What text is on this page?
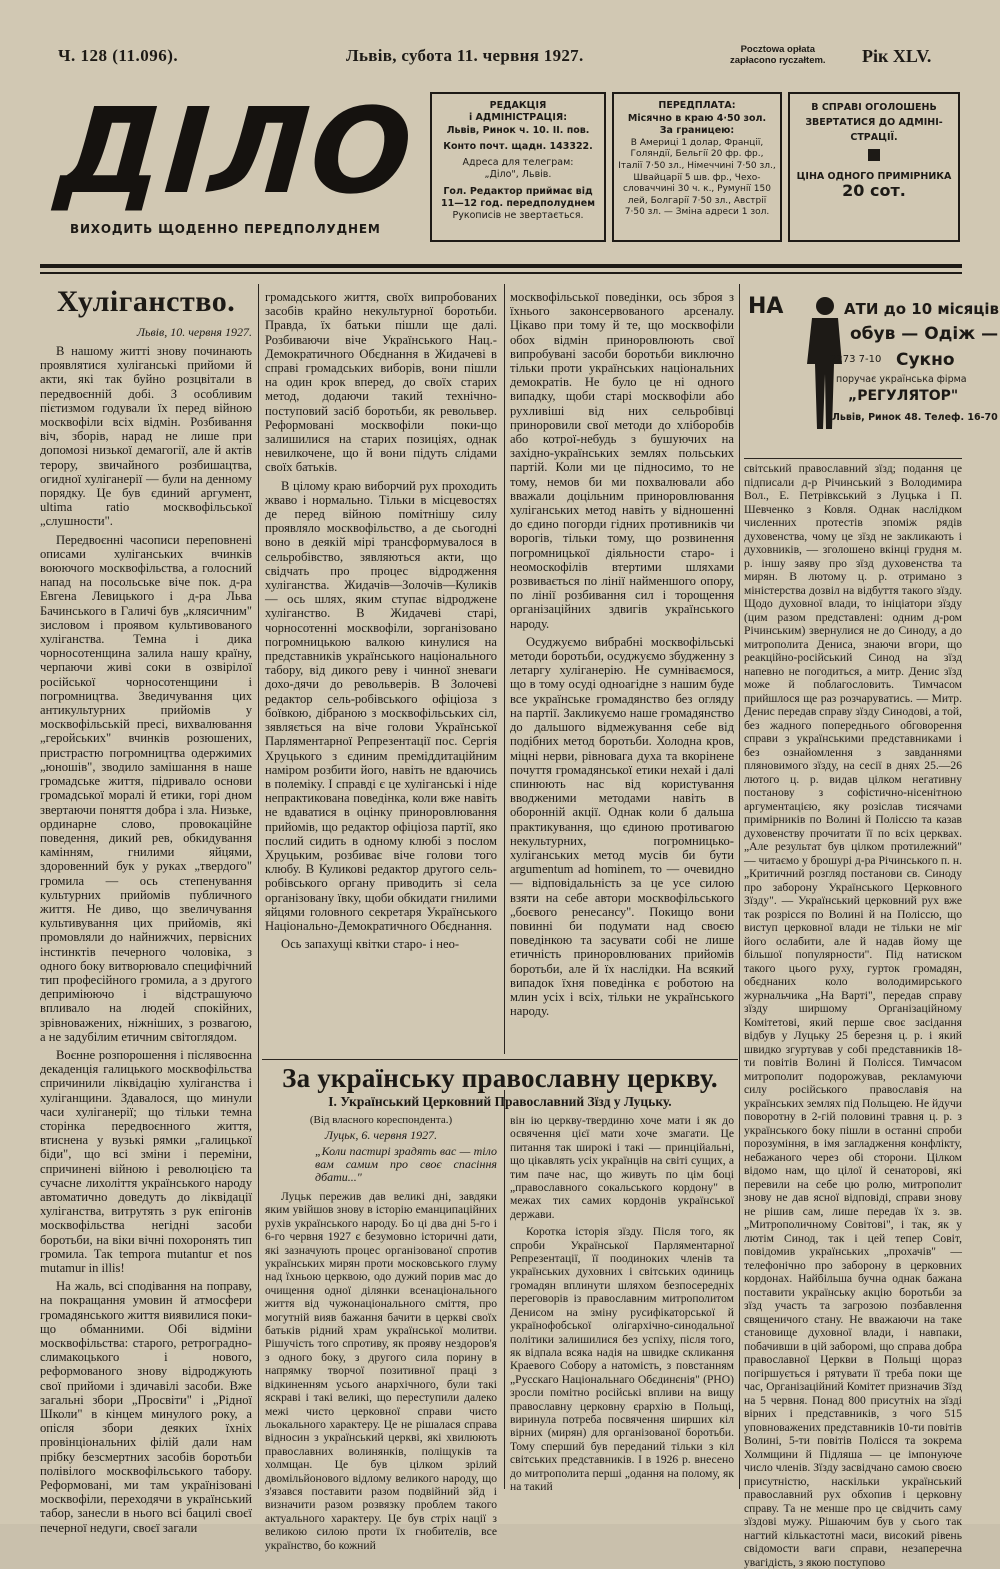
Ч. 128 (11.096).	Львів, субота 11. червня 1927.	Pocztowa opłata
zapłacono ryczałtem. Рік XLV.
ДІЛО
ВИХОДИТЬ ЩОДЕННО ПЕРЕДПОЛУДНЕМ
РЕДАКЦІЯ
і АДМІНІСТРАЦІЯ:
Львів, Ринок ч. 10. II. пов.

Конто почт. щадн. 143322.

Адреса для телеграм:
„Діло", Львів.

Гол. Редактор приймає від
11—12 год. передполуднем
Рукописів не звертається.
ПЕРЕДПЛАТА:
Місячно в краю 4·50 зол.
За границею:
В Америці 1 долар, Франції,
Голяндії, Бельгії 20 фр. фр.,
Італії 7·50 зл., Німеччині 7·50 зл.,
Швайцарії 5 шв. фр., Чехо-
словаччині 30 ч. к., Румунії 150
лей, Болгарії 7·50 зл., Австрії
7·50 зл. — Зміна адреси 1 зол.
В СПРАВІ ОГОЛОШЕНЬ
ЗВЕРТАТИСЯ ДО АДМІНІ-
СТРАЦІЇ.

ЦІНА ОДНОГО ПРИМІРНИКА
20 сот.
Хуліганство.
Львів, 10. червня 1927.

В нашому житті знову починають проявлятися хуліганські прийоми й акти, які так буйно розцвітали в передвоєнній добі. З особливим пієтизмом годували їх перед війною москвофіли всіх відмін. Розбивання віч, зборів, нарад не лише при допомозі низької демагогії, але й актів терору, звичайного розбишацтва, огидної хуліганерії — були на денному порядку. Це був єдиний аргумент, ultima ratio москвофільської „слушности".

Передвоєнні часописи переповнені описами хуліганських вчинків воюючого москвофільства, а голосний напад на посольське віче пок. д-ра Евгена Левицького і д-ра Льва Бачинського в Галичі був „клясичним" зисловом і проявом культивованого хуліганства. Темна і дика чорносотенщина залила нашу країну, черпаючи живі соки в озвірілої російської чорносотенщини і погромництва. Зведичування цих антикультурних прийомів у москвофільській пресі, вихвалювання „геройських" вчинків розюшених, пристрастю погромництва одержимих „юношів", зводило замішання в наше громадське життя, підривало основи громадської моралі й етики, горі дном звертаючи поняття добра і зла. Низьке, ординарне слово, провокаційне поведення, дикий рев, обкидування камінням, гнилими яйцями, здоровенний бук у руках „твердого" громила — ось степенування культурних прийомів публичного життя. Не диво, що звеличування культивування цих прийомів, які промовляли до найнижчих, первісних інстинктів печерного чоловіка, з одного боку витворювало специфічний тип професійного громила, а з другого деприміюючо і відстрашуючо впливало на людей спокійних, зрівноважених, ніжніших, з розвагою, а не задубілим етичним світоглядом.

Воєнне розпорошення і післявоєнна декаденція галицького москвофільства спричинили ліквідацію хуліганства і хуліганщини. Здавалося, що минули часи хуліганерії; що тільки темна сторінка передвоєнного життя, втиснена у вузькі рямки „галицької біди", що всі зміни і переміни, спричинені війною і революцією та сучасне лихоліття українського народу автоматично доведуть до ліквідації хуліганства, витрутять з рук епігонів москвофільства негідні засоби боротьби, на віки вічні похоронять тип громила. Так tempora mutantur et nos mutamur in illis!

На жаль, всі сподівання на поправу, на покращання умовин й атмосфери громадянського життя виявилися поки-що обманними. Обі відміни москвофільства: старого, ретроградно-слимакоцького і нового, реформованого знову відроджують свої прийоми і здичавілі засоби. Вже загальні збори „Просвіти" і „Рідної Школи" в кінцем минулого року, а опісля збори деяких їхніх провінціональних філій дали нам прібку безсмертних засобів боротьби полівілого москвофільського табору. Реформовані, ми там українізовані москвофіли, переходячи в український табор, занесли в нього всі бацилі своєї печерної недуги, своєї загали

громадського життя, своїх випробованих засобів крайно некультурної боротьби. Правда, їх батьки пішли ще далі. Розбиваючи віче Українського Нац.-Демократичного Обєднання в Жидачеві в справі громадських виборів, вони пішли на один крок вперед, до своїх старих метод, додаючи такий технічно-поступовий засіб боротьби, як револьвер. Реформовані москвофіли поки-що залишилися на старих позиціях, однак невилкочене, що й вони підуть слідами своїх батьків.

В цілому краю виборчий рух проходить жваво і нормально. Тільки в місцевостях де перед війною помітнішу силу проявляло москвофільство, а де сьогодні воно в деякій мірі трансформувалося в сельробівство, зявляються акти, що свідчать про процес відродження хуліганства. Жидачів—Золочів—Куликів — ось шлях, яким ступає відроджене хуліганство. В Жидачеві старі, чорносотенні москвофіли, зорганізовано погромницькою валкою кинулися на представників українського національного табору, від дикого реву і чинної зневаги дохо-дячи до револьверів. В Золочеві редактор сель-робівського офіціоза з боївкою, дібраною з москвофільських сіл, зявляється на віче голови Української Парляментарної Репрезентації пос. Сергія Хруцького з єдиним преміддитаційним наміром розбити його, навіть не вдаючись в полеміку. І справді є це хуліганські і ніде непрактикована поведінка, коли вже навіть не вдаватися в оцінку приноровлювання прийомів, що редактор офіціоза партії, яко послий сидить в одному клюбі з послом Хруцьким, розбиває віче голови того клюбу. В Куликові редактор другого сель-робівського органу приводить зі села організовану ївку, щоби обкидати гнилими яйцями головного секретаря Українського Національно-Демократичного Обєднання.

Ось запахущі квітки старо- і нео-

москвофільської поведінки, ось зброя з їхнього законсервованого арсеналу. Цікаво при тому й те, що москвофіли обох відмін приноровлюють свої випробувані засоби боротьби виключно тільки проти українських національних демократів. Не було це ні одного випадку, щоби старі москвофіли або рухливіші від них сельробівці приноровили свої методи до хліборобів або котрої-небудь з бушуючих на західно-українських землях польських партій. Коли ми це підносимо, то не тому, немов би ми похвалювали або вважали доцільним приноровлювання хуліганських метод навіть у відношенні до єдино погорди гідних противників чи ворогів, тільки тому, що розвинення погромницької діяльности старо- і неомоскофілів втертими шляхами розвивається по лінії найменшого опору, по лінії розбивання сил і торощення організаційних здвигів українського народу.

Осуджуємо вибрабні москвофільські методи боротьби, осуджуємо збудженну з летаргу хуліганерію. Не сумніваємося, що в тому осуді одноагідне з нашим буде все українське громадянство без огляду на партії. Закликуємо наше громадянство до дальшого відмежування себе від подібних метод боротьби. Холодна кров, міцні нерви, рівновага духа та вкорінене почуття громадянської етики нехай і далі спинюють нас від користування вводженими методами навіть в оборонній акції. Однак коли б дальша практикування, що єдиною противагою некультурних, погромницько-хуліганських метод мусів би бути argumentum ad hominem, то — очевидно — відповідальність за це усе силою взяти на себе автори москвофільського „боєвого ренесансу". Покищо вони повинні би подумати над своєю поведінкою та засувати собі не лише етичність приноровлюваних прийомів боротьби, але й їх наслідки. На всякий випадок їхня поведінка є роботою на млин усіх і всіх, тільки не українського народу.

НА	АТИ до 10 місяців
обув — Одіж —
2273 7-10 Сукно
поручає українська фірма
„РЕГУЛЯТОР"
Львів, Ринок 48. Телеф. 16-70

світський православний зїзд; подання це підписали д-р Річинський з Володимира Вол., Е. Петрівкський з Луцька і П. Шевченко з Ковля. Однак наслідком численних протестів зпоміж рядів духовенства, чому це зїзд не закликають і духовників, — зголошено вкінці грудня м. р. іншу заяву про зїзд духовенства та мирян. В лютому ц. р. отримано з міністерства дозвіл на відбуття такого зїзду. Щодо духовної влади, то ініціатори зїзду (цим разом представлені: одним д-ром Річинським) звернулися не до Синоду, а до митрополита Дениса, знаючи вгори, що реакційно-російський Синод на зїзд напевно не погодиться, а митр. Денис зїзд може й поблагословить. Тимчасом прийшлося ще раз розчаруватись. — Митр. Денис передав справу зїзду Синодові, а той, без жадного попереднього обговорення справи з українськими представниками і без ознайомлення з завданнями пляновимого зїзду, на сесії в днях 25.—26 лютого ц. р. видав цілком негативну постанову з софістично-нісенітною аргументацією, яку розіслав тисячами примірників по Волині й Поліссю та казав духовенству прочитати її по всіх церквах. „Але результат був цілком протилежний" — читаємо у брошурі д-ра Річинського п. н. „Критичний розгляд постанови св. Синоду про заборону Українського Церковного Зїзду". — Український церковний рух вже так розрісся по Волині й на Поліссю, що виступ церковної влади не тільки не міг його ослабити, але й надав йому ще більшої популярности". Під натиском такого цього руху, гурток громадян, обєднаних коло володимирського журнальчика „На Варті", передав справу зїзду ширшому Організаційному Комітетові, який перше своє засідання відбув у Луцьку 25 березня ц. р. і який швидко згуртував у собі представників 18-ти повітів Волині й Полісся. Тимчасом митрополит подорожував, рекламуючи силу російського православія на українських землях під Польщею. Не йдучи поворотну в 2-гій половині травня ц. р. з українського боку пішли в останні спроби порозуміння, в імя загладження конфлікту, небажаного через обі сторони. Цілком відомо нам, що цілої й сенаторові, які перевили на себе цю ролю, митрополит знову не дав ясної відповіді, справи знову не рішив сам, лише передав їх з. зв. „Митрополичному Совітові", і так, як у лютім Синод, так і цей тепер Совіт, повідомив українських „прохачів" — телефонічно про заборону в церковних кордонах. Найбільша бучна однак бажана поставити українську акцію боротьби за зїзд участь та загрозою позбавлення священичого стану. Не вважаючи на таке становище духовної влади, і навпаки, побачивши в цій заборомі, що справа добра православної Церкви в Польщі щораз погіршується і рятувати її треба поки ще час, Організаційний Комітет призначив Зїзд на 5 червня. Понад 800 присутніх на зїзді вірних і представників, з чого 515 уповноважених представників 10-ти повітів Волині, 5-ти повітів Полісся та зокрема Холмщини й Підляша — це імпонуюче число членів. Зїзду засвідчано самою своєю присутністю, наскільки український православний рух обхопив і церковну справу. Та не менше про це свідчить саму зїздові мужу. Рішаючим був у сього так нагтий кількастотні маси, високий рівень свідомости ваги справи, незаперечна увагідість, з якою поступово

За українську православну церкву.
І. Український Церковний Православний Зїзд у Луцьку.
(Від власного кореспондента.)
Луцьк, 6. червня 1927.
„Коли пастирі зрадять вас — тіло вам самим про своє спасіння дбати..."

Луцьк пережив дав великі дні, завдяки яким увійшов знову в історію еманципаційних рухів українського народу. Бо ці два дні 5-го і 6-го червня 1927 є безумовно історичні дати, які зазначують процес організованої спротив українських мирян проти московського глуму над їхньою церквою, одо дужий порив мас до очищення одної ділянки всенаціонального життя від чужонаціонального сміття, про могутній вияв бажання бачити в церкві своїх батьків рідний храм української молитви. Рішучість того спротиву, як прояву нездоров'я з одного боку, з другого сила порину в напрямку творчої позитивної праці з відкиненням усього анархічного, були такі яскраві і такі великі, що переступили далеко межі чисто церковної справи чисто льокального характеру. Це не рішалася справа відносин з український церкві, які хвилюють православних волинянків, поліщуків та холмщан. Це був цілком зрілий двомільйонового відлому великого народу, що з'язався поставити разом подвійний зйд і визначити разом розвязку проблем такого актуального характеру. Це був стріх нації з великою силою проти їх гнобителів, все українство, бо кожний

він ію церкву-твердиню хоче мати і як до освячення цієї мати хоче змагати. Це питання так широкі і такі — принційальні, що цікавлять усіх українців на світі сущих, а тим паче нас, що живуть по цім боці „православного сокальського кордону" в межах тих самих кордонів української держави.

Коротка історія зїзду. Після того, як спроби Української Парляментарної Репрезентації, її поодиноких членів та українських духовних і світських одиниць громадян вплинути шляхом безпосередніх переговорів із православним митрополитом Денисом на зміну русифікаторської й українофобської олігархічно-синодальної політики залишилися без успіху, після того, як відпала всяка надія на швидке скликання Краевого Собору а натомість, з повстанням „Русскаго Національнаго Обєдинєнія" (РНО) зросли помітно російські впливи на вищу православну церковну єрархію в Польщі, виринула потреба посвячення ширших кіл вірних (мирян) для організованої боротьби. Тому сперший був переданий тільки з кіл світських представників. І в 1926 р. внесено до митрополита перші „одання на полому, як на такий
